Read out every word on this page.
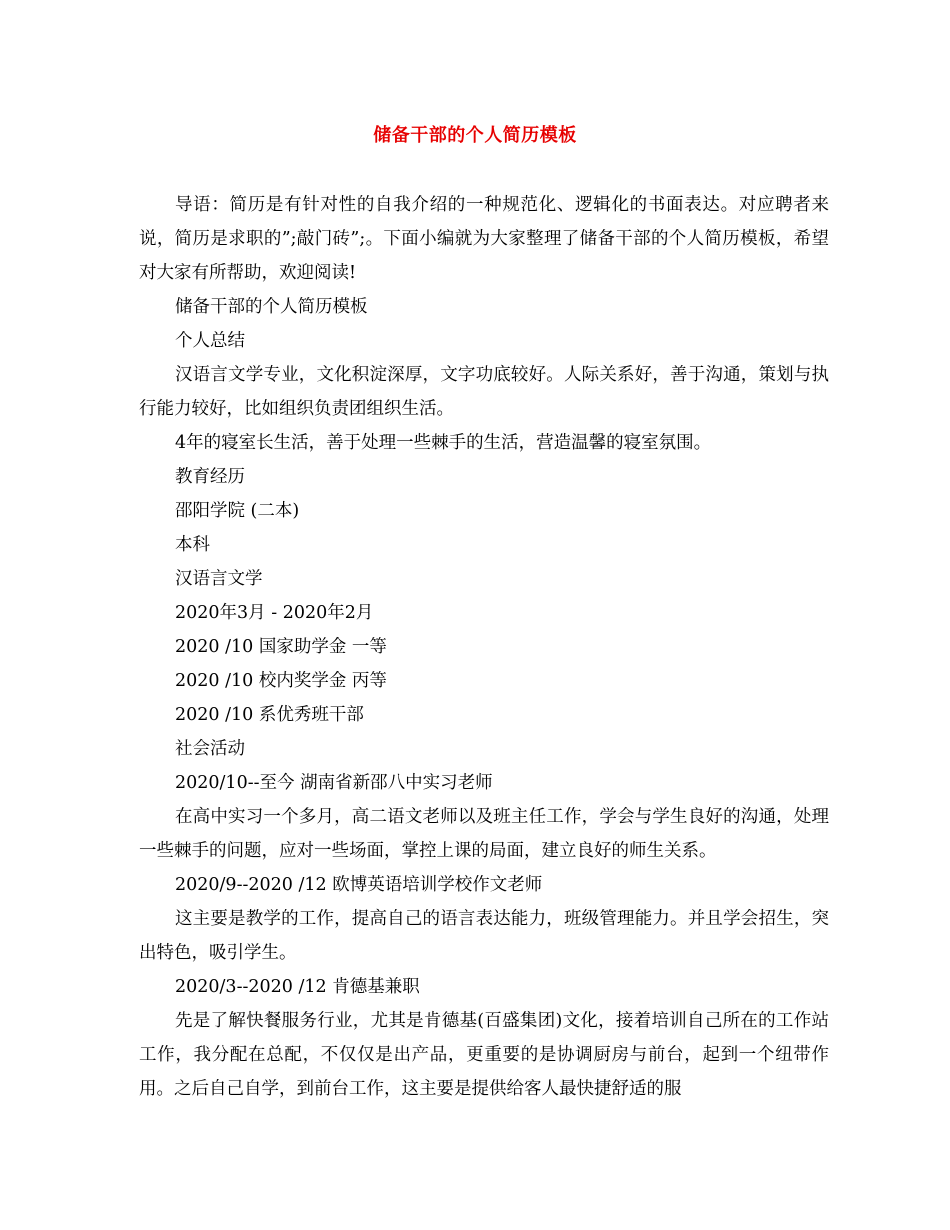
储备干部的个人简历模板

导语：简历是有针对性的自我介绍的一种规范化、逻辑化的书面表达。对应聘者来说，简历是求职的”;敲门砖”;。下面小编就为大家整理了储备干部的个人简历模板，希望对大家有所帮助，欢迎阅读!

储备干部的个人简历模板

个人总结

汉语言文学专业，文化积淀深厚，文字功底较好。人际关系好，善于沟通，策划与执行能力较好，比如组织负责团组织生活。

4年的寝室长生活，善于处理一些棘手的生活，营造温馨的寝室氛围。

教育经历

邵阳学院 (二本)

本科

汉语言文学

2020年3月 - 2020年2月

2020 /10 国家助学金 一等

2020 /10 校内奖学金 丙等

2020 /10 系优秀班干部

社会活动

2020/10--至今 湖南省新邵八中实习老师

在高中实习一个多月，高二语文老师以及班主任工作，学会与学生良好的沟通，处理一些棘手的问题，应对一些场面，掌控上课的局面，建立良好的师生关系。

2020/9--2020 /12 欧博英语培训学校作文老师

这主要是教学的工作，提高自己的语言表达能力，班级管理能力。并且学会招生，突出特色，吸引学生。

2020/3--2020 /12 肯德基兼职

先是了解快餐服务行业，尤其是肯德基(百盛集团)文化，接着培训自己所在的工作站工作，我分配在总配，不仅仅是出产品，更重要的是协调厨房与前台，起到一个纽带作用。之后自己自学，到前台工作，这主要是提供给客人最快捷舒适的服
